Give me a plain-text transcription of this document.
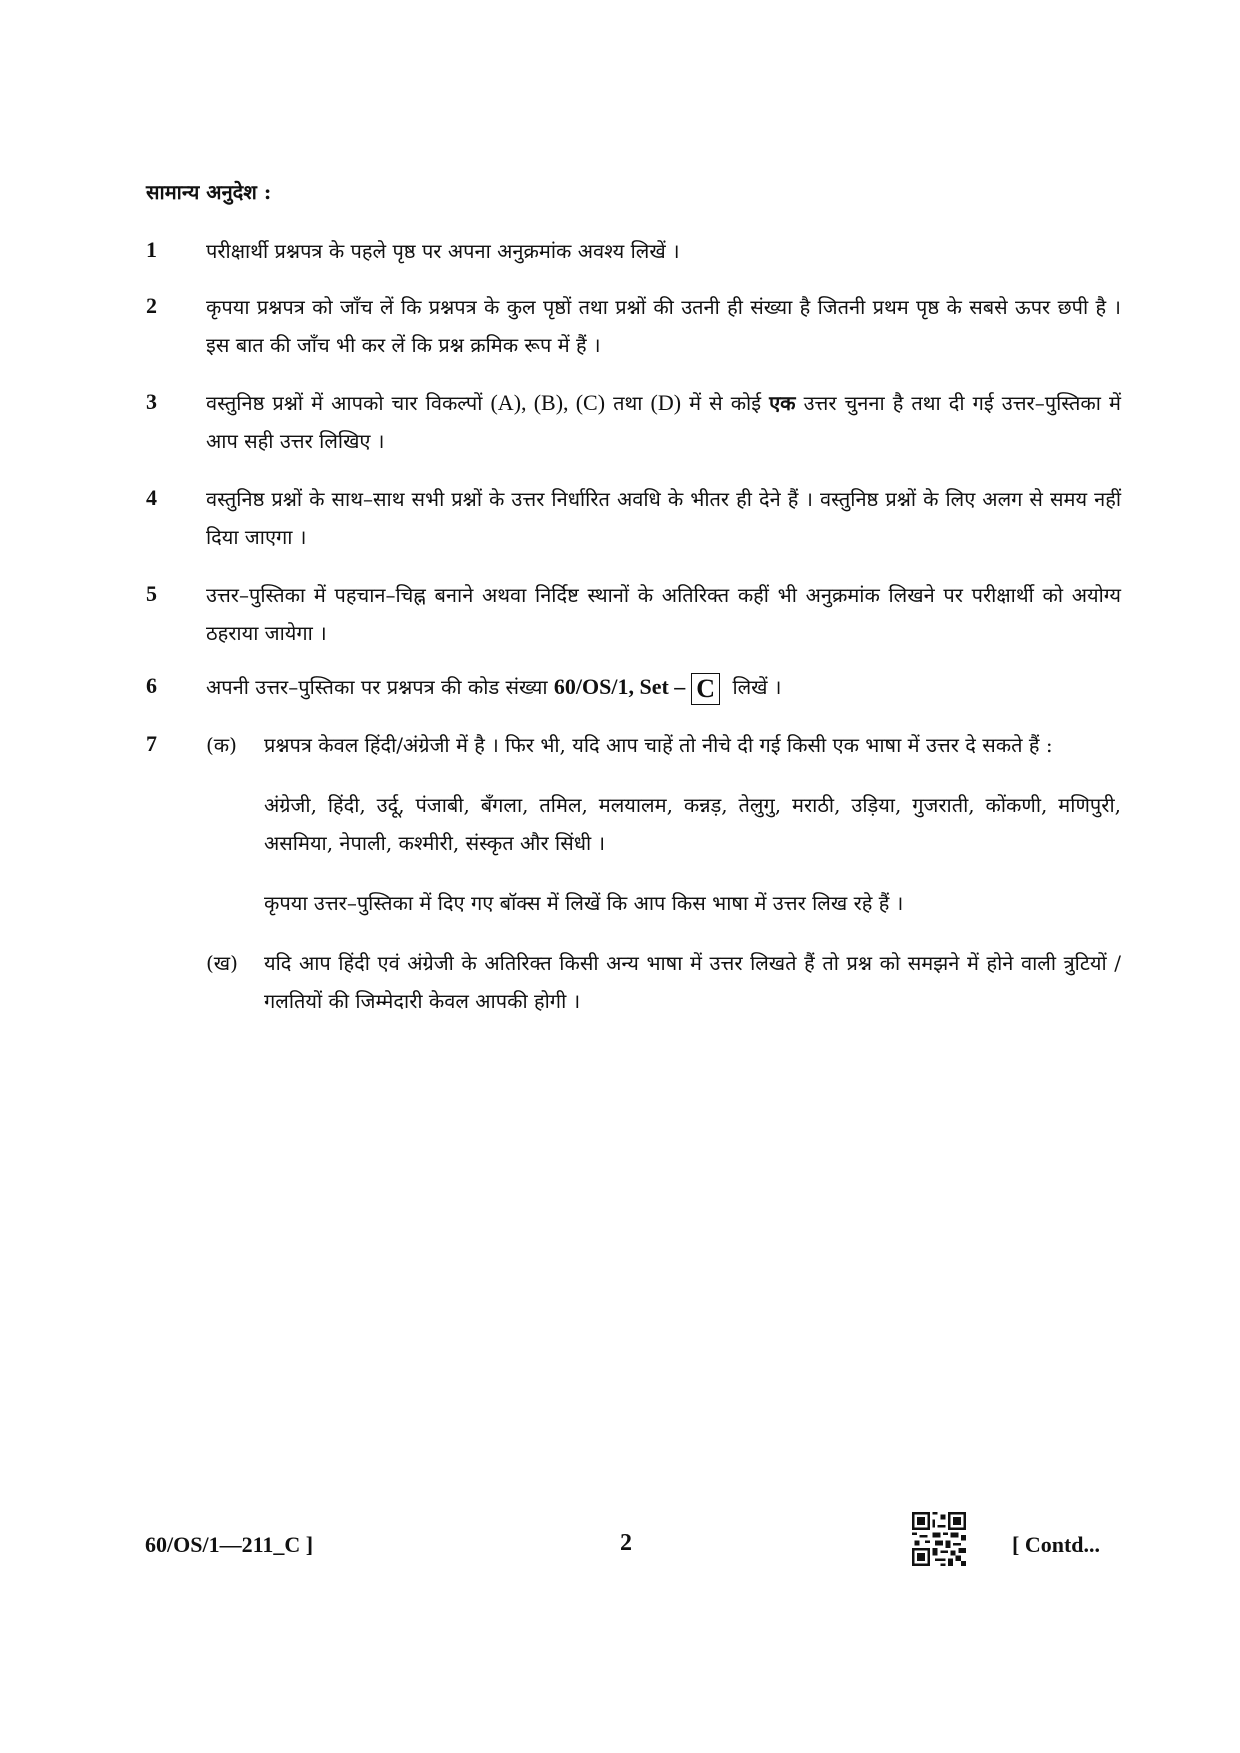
सामान्य अनुदेश :
1	परीक्षार्थी प्रश्नपत्र के पहले पृष्ठ पर अपना अनुक्रमांक अवश्य लिखें ।
2	कृपया प्रश्नपत्र को जाँच लें कि प्रश्नपत्र के कुल पृष्ठों तथा प्रश्नों की उतनी ही संख्या है जितनी प्रथम पृष्ठ के सबसे ऊपर छपी है । इस बात की जाँच भी कर लें कि प्रश्न क्रमिक रूप में हैं ।
3	वस्तुनिष्ठ प्रश्नों में आपको चार विकल्पों (A), (B), (C) तथा (D) में से कोई एक उत्तर चुनना है तथा दी गई उत्तर–पुस्तिका में आप सही उत्तर लिखिए ।
4	वस्तुनिष्ठ प्रश्नों के साथ–साथ सभी प्रश्नों के उत्तर निर्धारित अवधि के भीतर ही देने हैं । वस्तुनिष्ठ प्रश्नों के लिए अलग से समय नहीं दिया जाएगा ।
5	उत्तर–पुस्तिका में पहचान–चिह्न बनाने अथवा निर्दिष्ट स्थानों के अतिरिक्त कहीं भी अनुक्रमांक लिखने पर परीक्षार्थी को अयोग्य ठहराया जायेगा ।
6	अपनी उत्तर–पुस्तिका पर प्रश्नपत्र की कोड संख्या 60/OS/1, Set – C लिखें ।
7	(क)	प्रश्नपत्र केवल हिंदी/अंग्रेजी में है । फिर भी, यदि आप चाहें तो नीचे दी गई किसी एक भाषा में उत्तर दे सकते हैं :
अंग्रेजी, हिंदी, उर्दू, पंजाबी, बँगला, तमिल, मलयालम, कन्नड़, तेलुगु, मराठी, उड़िया, गुजराती, कोंकणी, मणिपुरी, असमिया, नेपाली, कश्मीरी, संस्कृत और सिंधी ।
कृपया उत्तर–पुस्तिका में दिए गए बॉक्स में लिखें कि आप किस भाषा में उत्तर लिख रहे हैं ।
(ख)	यदि आप हिंदी एवं अंग्रेजी के अतिरिक्त किसी अन्य भाषा में उत्तर लिखते हैं तो प्रश्न को समझने में होने वाली त्रुटियों / गलतियों की जिम्मेदारी केवल आपकी होगी ।
60/OS/1—211_C ]	2	[ Contd...
